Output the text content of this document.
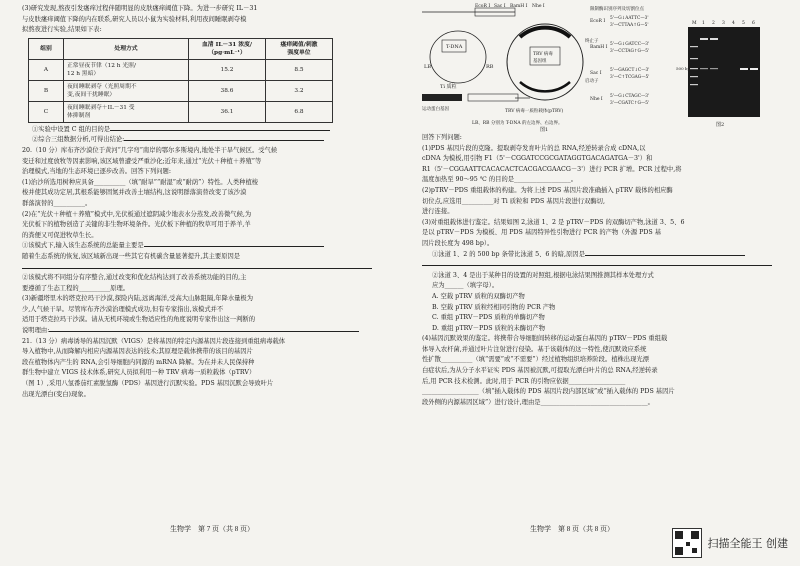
(3)研究发现,熬夜引发瘙痒过程伴随明显的皮肤瘙痒阈值下降。为进一步研究 IL－31

与皮肤瘙痒阈值下降的内在联系,研究人员以小鼠为实验材料,利用夜间睡眠剥夺模

拟熬夜进行实验,结果如下表:

组别	处理方式	血清 IL－31 浓度/
（pg·mL⁻¹）	瘙痒阈值/刺激
强度单位
A	正常昼夜节律（12 h 光照/
12 h 黑暗）	15.2	8.5
B	夜间睡眠剥夺（光照周期不
变,夜间干扰睡眠）	38.6	3.2
C	夜间睡眠剥夺＋IL－31 受
体抑制剂	36.1	6.8

①实验中设置 C 组的目的是

②综合三组数据分析,可得出结论:

20.（10 分）库布齐沙漠位于黄河“几字弯”南岸的鄂尔多斯境内,地处半干旱气候区。受气候

变迁和过度放牧等因素影响,该区域曾遭受严重沙化;近年来,通过“光伏＋种植＋养殖”等

治理模式,当地的生态环境已逐步改善。回答下列问题:

(1)治沙所选用树种应具备__________（填“耐旱”“耐湿”或“耐荫”）特性。人类种植梭

梭并使其成功定居,其根系能够固氮并改善土壤结构,这说明群落演替改变了该沙漠

群落演替的__________。

(2)在“光伏＋种植＋养殖”模式中,光伏板通过遮阴减少地表水分蒸发,改善微气候,为

光伏板下的植物创造了关键的非生物环境条件。光伏板下种植的牧草可用于养羊,羊

的粪便又可促进牧草生长。

①该模式下,输入该生态系统的总能量主要是

随着生态系统的恢复,该区域新出现一些其它有机碳含量显著提升,其主要原因是

②该模式将不同组分有序整合,通过改变和优化结构达到了改善系统功能的目的,主

要遵循了生态工程的__________原理。

(3)新疆塔里木的塔克拉玛干沙漠,探险内陆,远离海洋,受高大山脉阻隔,年降水量极为

少,人气候干旱。尽管库布齐沙漠治理模式成功,但有专家指出,该模式并不

适用于塔克拉玛干沙漠。请从无机环境或生物适应性的角度说明专家作出这一判断的

说明理由:

21.（13 分）病毒诱导的基因沉默（VIGS）是将基因的特定内源基因片段连接到重组病毒载体

导入植物中,从而降解内相应内源基因表达的技术;其原理是载体携带的该目的基因片

段在植物体内产生的 RNA,会引导细胞内同源的 mRNA 降解。为在并未人民保持种

群生物中建立 VIGS 技术体系,研究人员拟利用一种 TRV 病毒一质粒载体（pTRV）

（图 1）,采用八氢番茄红素脱氢酶（PDS）基因进行沉默实验。PDS 基因沉默会导致叶片

出现光漂白(变白)现象。

生物学　第 7 页（共 8 页）
EcoR I Sac I BamH I Nhe I
T-DNA
LB	RB
TRV 病毒
基因组
终止子
启动子
Ti 质粒
运动蛋白基因	TRV 病毒一质粒载体(pTRV)
LB、RB 分别为 T-DNA 的左边界、右边界。
图1
限制酶识别序列及切割位点
EcoR I
5'—G↓AATTC—3'
3'—CTTAA↑G—5'
BamH I
5'—G↓GATCC—3'
3'—CCTAG↑G—5'
Sac I
5'—GAGCT↓C—3'
3'—C↑TCGAG—5'
Nhe I
5'—G↓CTAGC—3'
3'—CGATC↑G—5'
M 1 2 3 4 5 6
500 bp
图2

回答下列问题:

(1)PDS 基因片段的克隆。提取剥夺发育叶片的总 RNA,经逆转录合成 cDNA,以

cDNA 为模板,用引物 F1（5'－CGGATCCGCGATAGGTGACAGATGA－3'）和

R1（5'－CGGAATTCACACACTCACGACGAACG－3'）进行 PCR 扩增。PCR 过程中,将

温度加热至 90～95 ℃ 的目的是__________________。

(2)pTRV－PDS 重组载体的构建。为将上述 PDS 基因片段准确插入 pTRV 载体的相应酶

切位点,应选用__________对 Ti 质粒和 PDS 基因片段进行双酶切,

进行连接。

(3)对重组载体进行鉴定。结果如图 2,泳道 1、2 是 pTRV－PDS 的双酶切产物,泳道 3、5、6

是以 pTRV－PDS 为模板、用 PDS 基因特异性引物进行 PCR 的产物（外源 PDS 基

因片段长度为 498 bp）。

①泳道 1、2 的 500 bp 条带比泳道 5、6 的暗,原因是

②泳道 3、4 是出于某种目的设置的对照组,根据电泳结果图推测其样本处理方式

应为______（填字母）。

A. 空载 pTRV 质粒的双酶切产物

B. 空载 pTRV 质粒经相同引物的 PCR 产物

C. 重组 pTRV－PDS 质粒的单酶切产物

D. 重组 pTRV－PDS 质粒的未酶切产物

(4)基因沉默效果的鉴定。将携带合导细胞间转移的运动蛋白基因的 pTRV－PDS 重组载

体导入农杆菌,并通过叶片注射进行侵染。基于该载体的这一特性,使沉默效应系统

性扩散__________（填“需要”或“不需要”）经过植物组织培养阶段。植株出现光漂

白症状后,为从分子水平证实 PDS 基因被沉默,可提取光漂白叶片的总 RNA,经逆转录

后,用 PCR 技术检测。此时,用于 PCR 的引物应依据__________________

__________________（填“插入载体的 PDS 基因片段内部区域”或“插入载体的 PDS 基因片

段外侧的内源基因区域”）进行设计,理由是__________________________________。

生物学　第 8 页（共 8 页）
扫描全能王 创建
